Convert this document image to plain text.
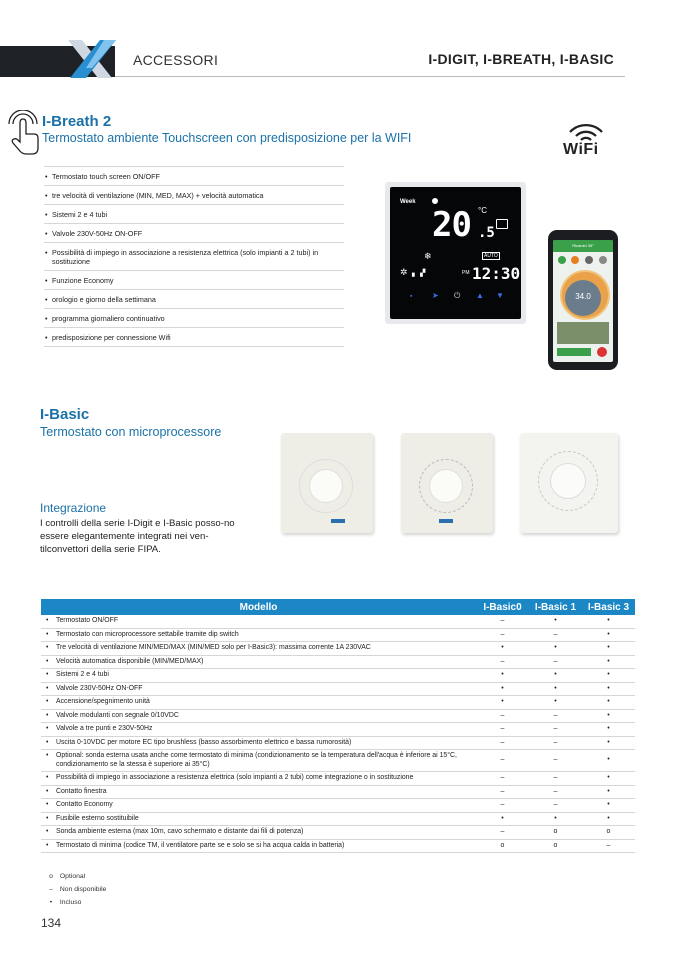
ACCESSORI	I-DIGIT, I-BREATH, I-BASIC
I-Breath 2
Termostato ambiente Touchscreen con predisposizione per la WIFI
WiFi
• Termostato touch screen ON/OFF
• tre velocità di ventilazione (MIN, MED, MAX) + velocità automatica
• Sistemi 2 e 4 tubi
• Valvole 230V-50Hz ON-OFF
• Possibilità di impiego in associazione a resistenza elettrica (solo impianti a 2 tubi) in sostituzione
• Funzione Economy
• orologio e giorno della settimana
• programma giornaliero continuativo
• predisposizione per connessione Wifi
Week
20 .5
°C
AUTO
PM 12:30
✲
❄
▖▗▘
▪ ➤ ⏻ ▲ ▼
Ricambi 35°
34.0
I-Basic
Termostato con microprocessore
Integrazione
I controlli della serie I-Digit e I-Basic posso-no essere elegantemente integrati nei ven-tilconvettori della serie FIPA.
Modello	I-Basic0	I-Basic 1	I-Basic 3
• Termostato ON/OFF	–	•	•
• Termostato con microprocessore settabile tramite dip switch	–	–	•
• Tre velocità di ventilazione MIN/MED/MAX (MIN/MED solo per I-Basic3): massima corrente 1A 230VAC	•	•	•
• Velocità automatica disponibile (MIN/MED/MAX)	–	–	•
• Sistemi 2 e 4 tubi	•	•	•
• Valvole 230V-50Hz ON-OFF	•	•	•
• Accensione/spegnimento unità	•	•	•
• Valvole modulanti con segnale 0/10VDC	–	–	•
• Valvole a tre punti e 230V-50Hz	–	–	•
• Uscita 0-10VDC per motore EC tipo brushless (basso assorbimento elettrico e bassa rumorosità)	–	–	•
• Optional: sonda esterna usata anche come termostato di minima (condizionamento se la temperatura dell'acqua è inferiore ai 15°C, condizionamento se la stessa è superiore ai 35°C)	–	–	•
• Possibilità di impiego in associazione a resistenza elettrica (solo impianti a 2 tubi) come integrazione o in sostituzione	–	–	•
• Contatto finestra	–	–	•
• Contatto Economy	–	–	•
• Fusibile esterno sostituibile	•	•	•
• Sonda ambiente esterna (max 10m, cavo schermato e distante dai fili di potenza)	–	o	o
• Termostato di minima (codice TM, il ventilatore parte se e solo se si ha acqua calda in batteria)	o	o	–
o Optional
– Non disponibile
• Incluso
134
